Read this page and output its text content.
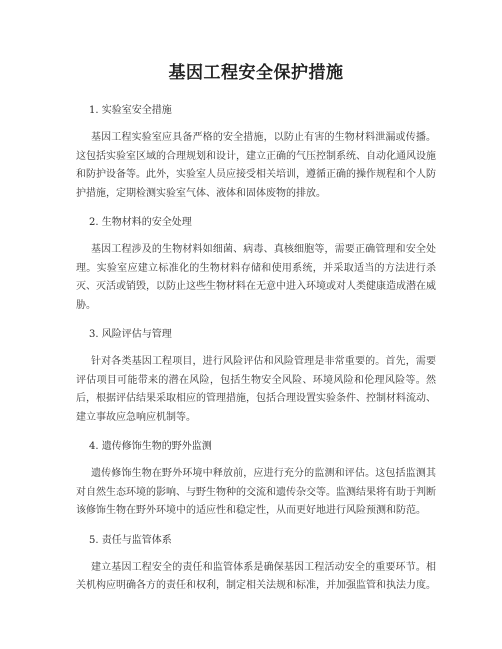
基因工程安全保护措施
1. 实验室安全措施

基因工程实验室应具备严格的安全措施，以防止有害的生物材料泄漏或传播。这包括实验室区域的合理规划和设计，建立正确的气压控制系统、自动化通风设施和防护设备等。此外，实验室人员应接受相关培训，遵循正确的操作规程和个人防护措施，定期检测实验室气体、液体和固体废物的排放。

2. 生物材料的安全处理

基因工程涉及的生物材料如细菌、病毒、真核细胞等，需要正确管理和安全处理。实验室应建立标准化的生物材料存储和使用系统，并采取适当的方法进行杀灭、灭活或销毁，以防止这些生物材料在无意中进入环境或对人类健康造成潜在威胁。

3. 风险评估与管理

针对各类基因工程项目，进行风险评估和风险管理是非常重要的。首先，需要评估项目可能带来的潜在风险，包括生物安全风险、环境风险和伦理风险等。然后，根据评估结果采取相应的管理措施，包括合理设置实验条件、控制材料流动、建立事故应急响应机制等。

4. 遗传修饰生物的野外监测

遗传修饰生物在野外环境中释放前，应进行充分的监测和评估。这包括监测其对自然生态环境的影响、与野生物种的交流和遗传杂交等。监测结果将有助于判断该修饰生物在野外环境中的适应性和稳定性，从而更好地进行风险预测和防范。

5. 责任与监管体系

建立基因工程安全的责任和监管体系是确保基因工程活动安全的重要环节。相关机构应明确各方的责任和权利，制定相关法规和标准，并加强监管和执法力度。
